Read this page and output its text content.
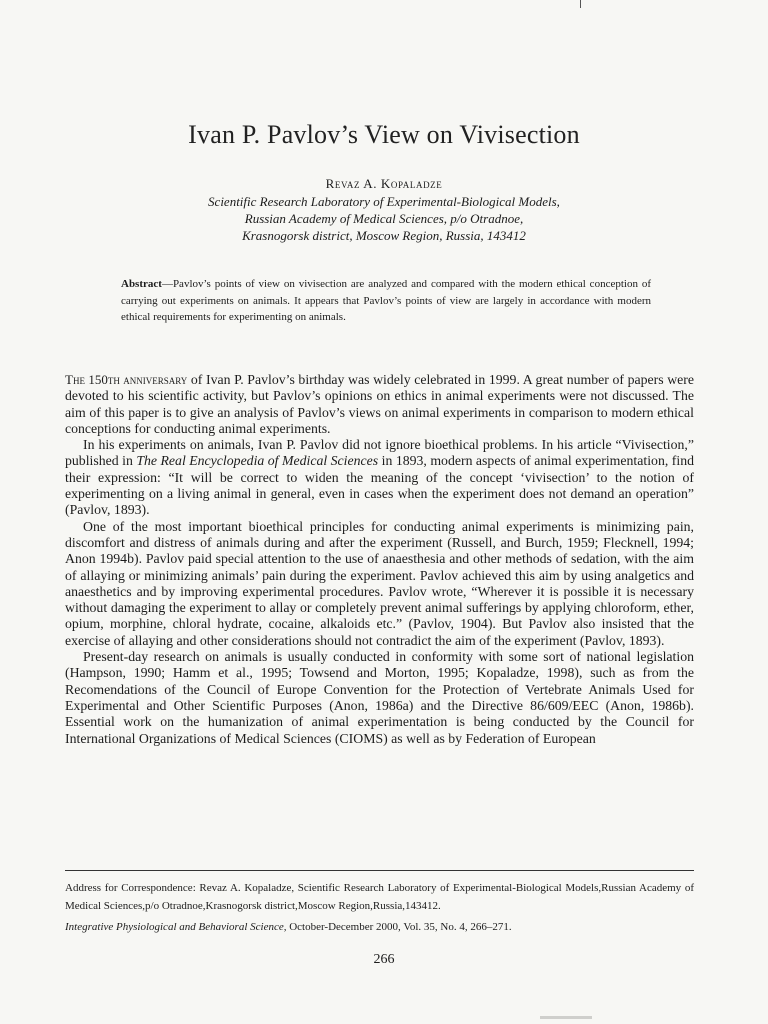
Ivan P. Pavlov’s View on Vivisection
Revaz A. Kopaladze
Scientific Research Laboratory of Experimental-Biological Models,
Russian Academy of Medical Sciences, p/o Otradnoe,
Krasnogorsk district, Moscow Region, Russia, 143412
Abstract—Pavlov’s points of view on vivisection are analyzed and compared with the modern ethical conception of carrying out experiments on animals. It appears that Pavlov’s points of view are largely in accordance with modern ethical requirements for experimenting on animals.

The 150th anniversary of Ivan P. Pavlov’s birthday was widely celebrated in 1999. A great number of papers were devoted to his scientific activity, but Pavlov’s opinions on ethics in animal experiments were not discussed. The aim of this paper is to give an analysis of Pavlov’s views on animal experiments in comparison to modern ethical conceptions for conducting animal experiments.

In his experiments on animals, Ivan P. Pavlov did not ignore bioethical problems. In his article “Vivisection,” published in The Real Encyclopedia of Medical Sciences in 1893, modern aspects of animal experimentation, find their expression: “It will be correct to widen the meaning of the concept ‘vivisection’ to the notion of experimenting on a living animal in general, even in cases when the experiment does not demand an operation” (Pavlov, 1893).

One of the most important bioethical principles for conducting animal experiments is minimizing pain, discomfort and distress of animals during and after the experiment (Russell, and Burch, 1959; Flecknell, 1994; Anon 1994b). Pavlov paid special attention to the use of anaesthesia and other methods of sedation, with the aim of allaying or minimizing animals’ pain during the experiment. Pavlov achieved this aim by using analgetics and anaesthetics and by improving experimental procedures. Pavlov wrote, “Wherever it is possible it is necessary without damaging the experiment to allay or completely prevent animal sufferings by applying chloroform, ether, opium, morphine, chloral hydrate, cocaine, alkaloids etc.” (Pavlov, 1904). But Pavlov also insisted that the exercise of allaying and other considerations should not contradict the aim of the experiment (Pavlov, 1893).

Present-day research on animals is usually conducted in conformity with some sort of national legislation (Hampson, 1990; Hamm et al., 1995; Towsend and Morton, 1995; Kopaladze, 1998), such as from the Recomendations of the Council of Europe Convention for the Protection of Vertebrate Animals Used for Experimental and Other Scientific Purposes (Anon, 1986a) and the Directive 86/609/EEC (Anon, 1986b). Essential work on the humanization of animal experimentation is being conducted by the Council for International Organizations of Medical Sciences (CIOMS) as well as by Federation of European

Address for Correspondence: Revaz A. Kopaladze, Scientific Research Laboratory of Experimental-Biological Models,Russian Academy of Medical Sciences,p/o Otradnoe,Krasnogorsk district,Moscow Region,Russia,143412.
Integrative Physiological and Behavioral Science, October-December 2000, Vol. 35, No. 4, 266–271.
266
